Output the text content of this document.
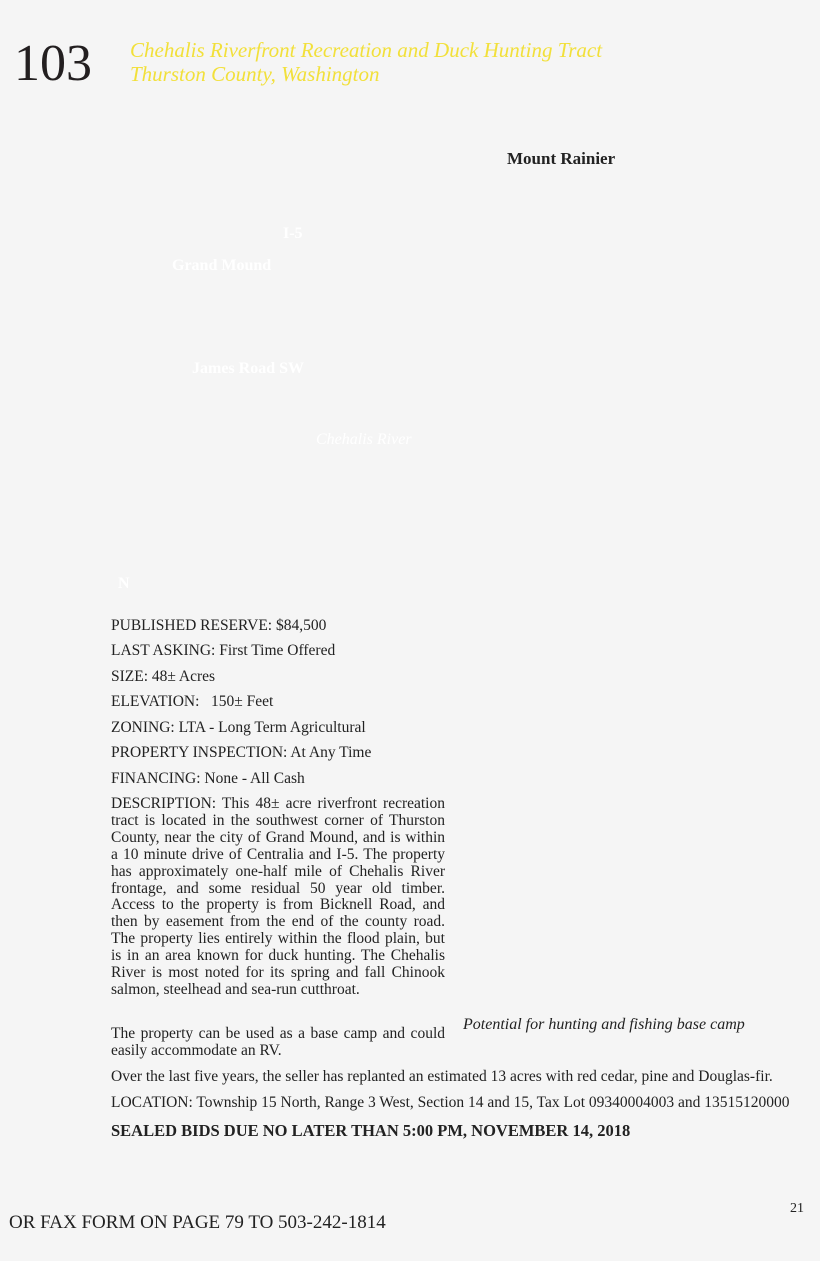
103 Chehalis Riverfront Recreation and Duck Hunting Tract
Thurston County, Washington
Mount Rainier
I-5
Grand Mound
James Road SW
Chehalis River
N
PUBLISHED RESERVE: $84,500
LAST ASKING: First Time Offered
SIZE: 48± Acres
ELEVATION:   150± Feet
ZONING: LTA - Long Term Agricultural
PROPERTY INSPECTION: At Any Time
FINANCING: None - All Cash
DESCRIPTION: This 48± acre riverfront recreation tract is located in the southwest corner of Thurston County, near the city of Grand Mound, and is within a 10 minute drive of Centralia and I-5. The property has approximately one-half mile of Chehalis River frontage, and some residual 50 year old timber. Access to the property is from Bicknell Road, and then by easement from the end of the county road. The property lies entirely within the flood plain, but is in an area known for duck hunting. The Chehalis River is most noted for its spring and fall Chinook salmon, steelhead and sea-run cutthroat.
The property can be used as a base camp and could easily accommodate an RV.
Potential for hunting and fishing base camp
Over the last five years, the seller has replanted an estimated 13 acres with red cedar, pine and Douglas-fir.
LOCATION: Township 15 North, Range 3 West, Section 14 and 15, Tax Lot 09340004003 and 13515120000
SEALED BIDS DUE NO LATER THAN 5:00 PM, NOVEMBER 14, 2018
21
OR FAX FORM ON PAGE 79 TO 503-242-1814
